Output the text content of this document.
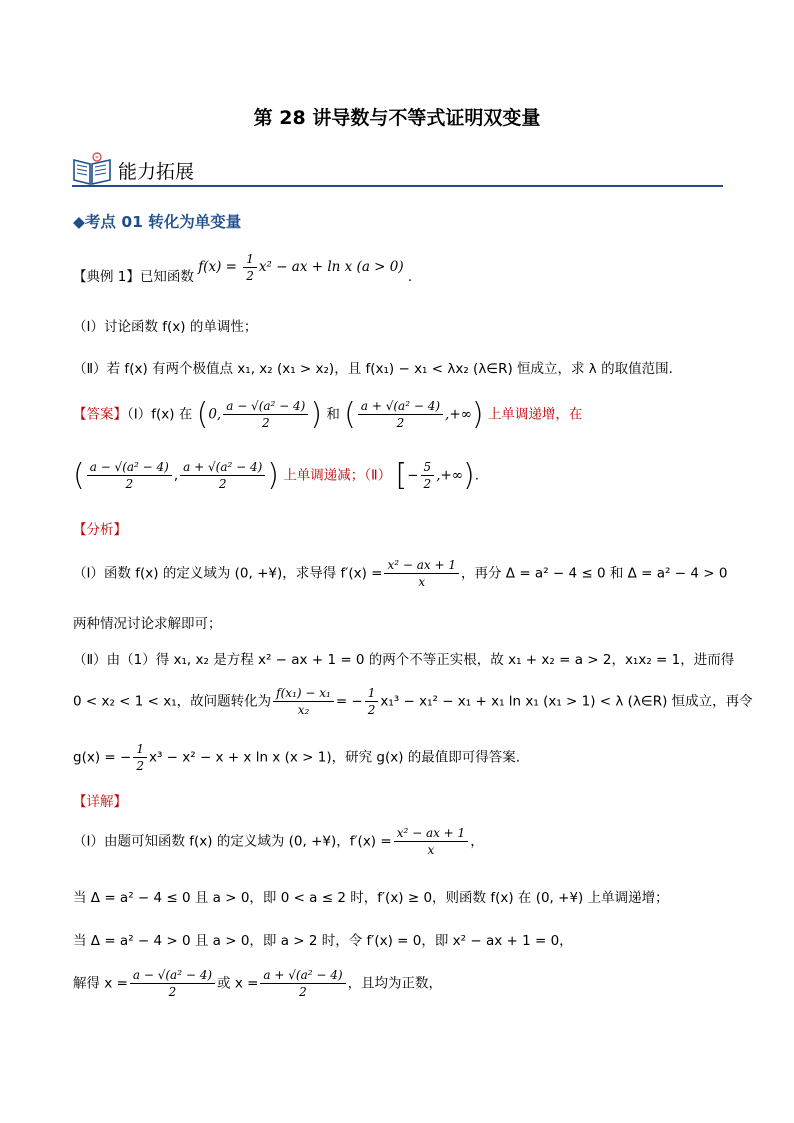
第 28 讲导数与不等式证明双变量
能力拓展
◆考点 01 转化为单变量
【典例 1】已知函数 $f(x) = \frac{1}{2} x^2$ − ax + ln x (a > 0) .
（Ⅰ）讨论函数 f(x) 的单调性；
（Ⅱ）若 f(x) 有两个极值点 x₁, x₂ (x₁ > x₂)，且 f(x₁) − x₁ < λx₂ (λ∈R) 恒成立，求 λ 的取值范围.
【答案】（Ⅰ）f(x) 在 (0, $\frac{\text{a − √(a² − 4)}}{2}$ ) 和 ( $\frac{\text{a + √(a² − 4)}}{2}$ ,+∞) 上单调递增，在
( $\frac{\text{a − √(a² − 4)}}{2}$ , $\frac{\text{a + √(a² − 4)}}{2}$ ) 上单调递减；（Ⅱ） [− $\frac{5}{2}$ ,+∞).
【分析】
（Ⅰ）函数 f(x) 的定义域为 (0, +¥)，求导得 $f'(x) = \frac{\text{x² − ax + 1}}{x}$ ，再分 Δ = a² − 4 ≤ 0 和 Δ = a² − 4 > 0
两种情况讨论求解即可；
（Ⅱ）由（1）得 x₁, x₂ 是方程 x² − ax + 1 = 0 的两个不等正实根，故 x₁ + x₂ = a > 2，x₁x₂ = 1，进而得
0 < x₂ < 1 < x₁，故问题转化为 $\frac{\text{f(x₁) − x₁}}{\text{x₂}}$ = − $\frac{1}{2} x_1^3 - x_1^2 - x_1 + x_1$ ln x₁ (x₁ > 1) < λ (λ∈R) 恒成立，再令
g(x) = − $\frac{1}{2} x^3 - x^2 - x + x$ ln x (x > 1)，研究 g(x) 的最值即可得答案.
【详解】
（Ⅰ）由题可知函数 f(x) 的定义域为 (0, +¥)，$f'(x) = \frac{\text{x² − ax + 1}}{x}$ ，
当 Δ = a² − 4 ≤ 0 且 a > 0，即 0 < a ≤ 2 时，f′(x) ≥ 0，则函数 f(x) 在 (0, +¥) 上单调递增；
当 Δ = a² − 4 > 0 且 a > 0，即 a > 2 时，令 f′(x) = 0，即 x² − ax + 1 = 0，
解得 $x = \frac{\text{a − √(a² − 4)}}{2}$ 或 $x = \frac{\text{a + √(a² − 4)}}{2}$ ，且均为正数，
